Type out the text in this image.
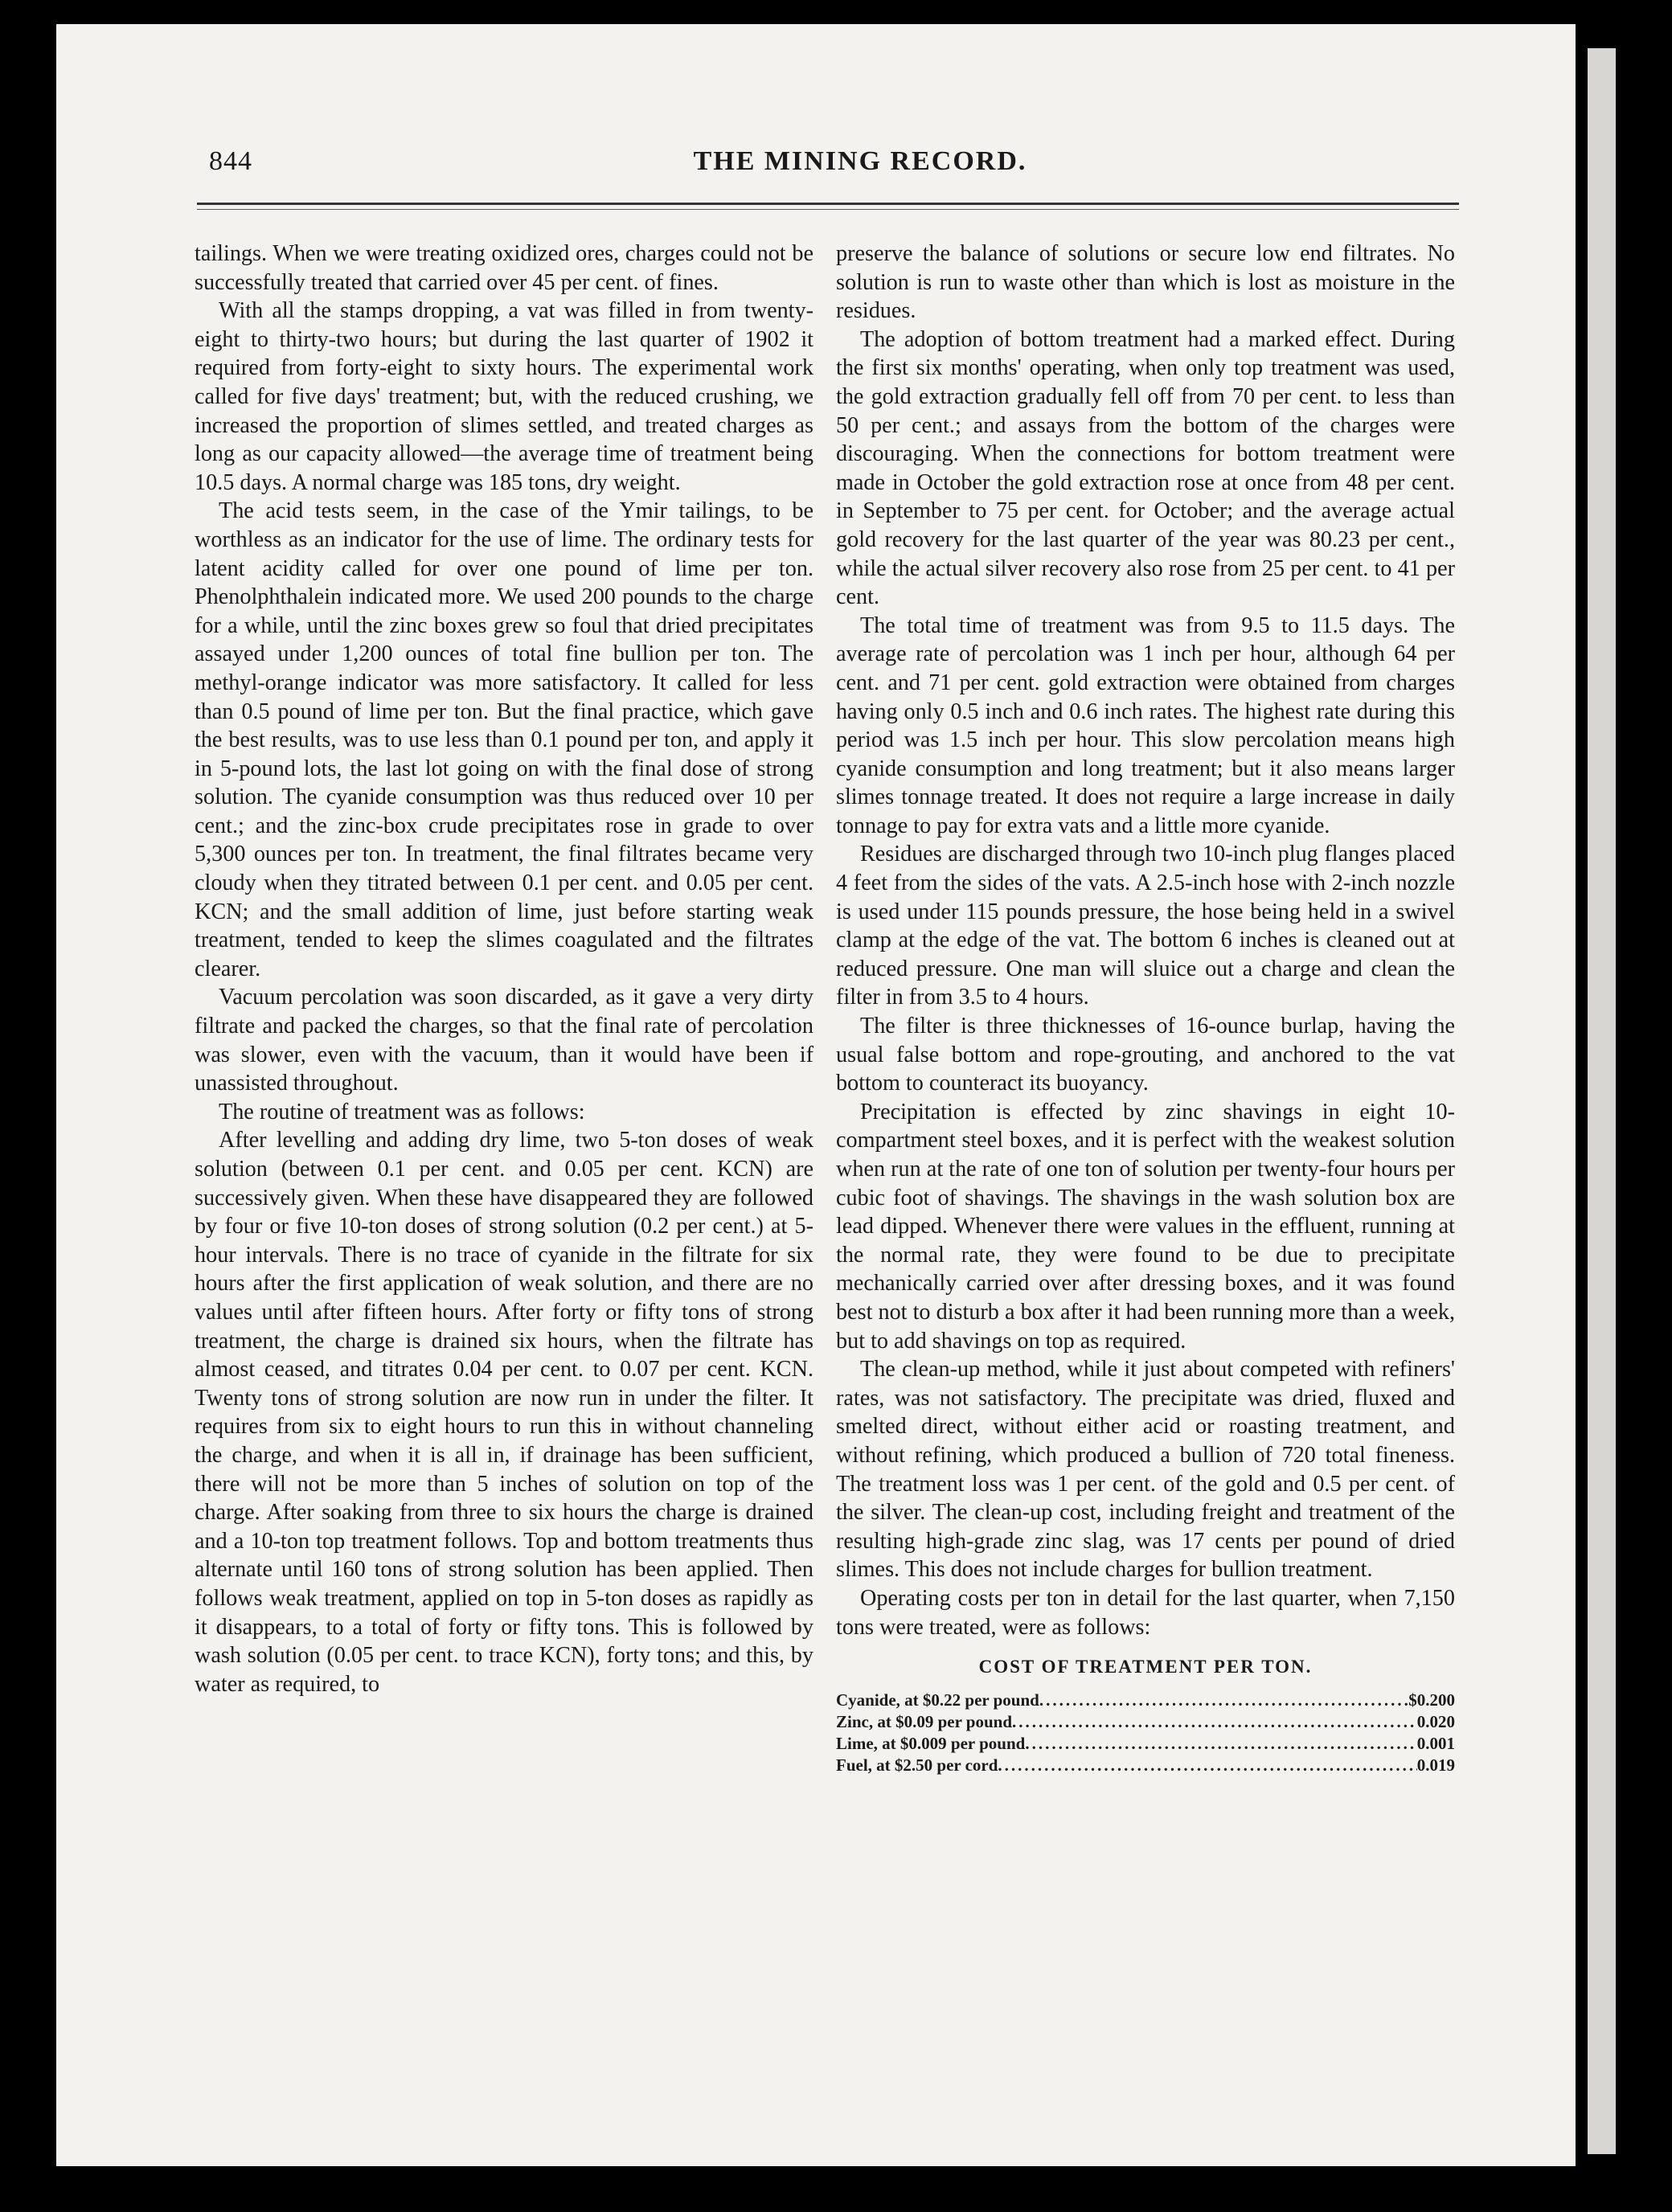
844	THE MINING RECORD.

tailings. When we were treating oxidized ores, charges could not be successfully treated that carried over 45 per cent. of fines.

With all the stamps dropping, a vat was filled in from twenty-eight to thirty-two hours; but during the last quarter of 1902 it required from forty-eight to sixty hours. The experimental work called for five days' treatment; but, with the reduced crushing, we increased the proportion of slimes settled, and treated charges as long as our capacity allowed—the average time of treatment being 10.5 days. A normal charge was 185 tons, dry weight.

The acid tests seem, in the case of the Ymir tailings, to be worthless as an indicator for the use of lime. The ordinary tests for latent acidity called for over one pound of lime per ton. Phenolphthalein indicated more. We used 200 pounds to the charge for a while, until the zinc boxes grew so foul that dried precipitates assayed under 1,200 ounces of total fine bullion per ton. The methyl-orange indicator was more satisfactory. It called for less than 0.5 pound of lime per ton. But the final practice, which gave the best results, was to use less than 0.1 pound per ton, and apply it in 5-pound lots, the last lot going on with the final dose of strong solution. The cyanide consumption was thus reduced over 10 per cent.; and the zinc-box crude precipitates rose in grade to over 5,300 ounces per ton. In treatment, the final filtrates became very cloudy when they titrated between 0.1 per cent. and 0.05 per cent. KCN; and the small addition of lime, just before starting weak treatment, tended to keep the slimes coagulated and the filtrates clearer.

Vacuum percolation was soon discarded, as it gave a very dirty filtrate and packed the charges, so that the final rate of percolation was slower, even with the vacuum, than it would have been if unassisted throughout.

The routine of treatment was as follows:

After levelling and adding dry lime, two 5-ton doses of weak solution (between 0.1 per cent. and 0.05 per cent. KCN) are successively given. When these have disappeared they are followed by four or five 10-ton doses of strong solution (0.2 per cent.) at 5-hour intervals. There is no trace of cyanide in the filtrate for six hours after the first application of weak solution, and there are no values until after fifteen hours. After forty or fifty tons of strong treatment, the charge is drained six hours, when the filtrate has almost ceased, and titrates 0.04 per cent. to 0.07 per cent. KCN. Twenty tons of strong solution are now run in under the filter. It requires from six to eight hours to run this in without channeling the charge, and when it is all in, if drainage has been sufficient, there will not be more than 5 inches of solution on top of the charge. After soaking from three to six hours the charge is drained and a 10-ton top treatment follows. Top and bottom treatments thus alternate until 160 tons of strong solution has been applied. Then follows weak treatment, applied on top in 5-ton doses as rapidly as it disappears, to a total of forty or fifty tons. This is followed by wash solution (0.05 per cent. to trace KCN), forty tons; and this, by water as required, to

preserve the balance of solutions or secure low end filtrates. No solution is run to waste other than which is lost as moisture in the residues.

The adoption of bottom treatment had a marked effect. During the first six months' operating, when only top treatment was used, the gold extraction gradually fell off from 70 per cent. to less than 50 per cent.; and assays from the bottom of the charges were discouraging. When the connections for bottom treatment were made in October the gold extraction rose at once from 48 per cent. in September to 75 per cent. for October; and the average actual gold recovery for the last quarter of the year was 80.23 per cent., while the actual silver recovery also rose from 25 per cent. to 41 per cent.

The total time of treatment was from 9.5 to 11.5 days. The average rate of percolation was 1 inch per hour, although 64 per cent. and 71 per cent. gold extraction were obtained from charges having only 0.5 inch and 0.6 inch rates. The highest rate during this period was 1.5 inch per hour. This slow percolation means high cyanide consumption and long treatment; but it also means larger slimes tonnage treated. It does not require a large increase in daily tonnage to pay for extra vats and a little more cyanide.

Residues are discharged through two 10-inch plug flanges placed 4 feet from the sides of the vats. A 2.5-inch hose with 2-inch nozzle is used under 115 pounds pressure, the hose being held in a swivel clamp at the edge of the vat. The bottom 6 inches is cleaned out at reduced pressure. One man will sluice out a charge and clean the filter in from 3.5 to 4 hours.

The filter is three thicknesses of 16-ounce burlap, having the usual false bottom and rope-grouting, and anchored to the vat bottom to counteract its buoyancy.

Precipitation is effected by zinc shavings in eight 10-compartment steel boxes, and it is perfect with the weakest solution when run at the rate of one ton of solution per twenty-four hours per cubic foot of shavings. The shavings in the wash solution box are lead dipped. Whenever there were values in the effluent, running at the normal rate, they were found to be due to precipitate mechanically carried over after dressing boxes, and it was found best not to disturb a box after it had been running more than a week, but to add shavings on top as required.

The clean-up method, while it just about competed with refiners' rates, was not satisfactory. The precipitate was dried, fluxed and smelted direct, without either acid or roasting treatment, and without refining, which produced a bullion of 720 total fineness. The treatment loss was 1 per cent. of the gold and 0.5 per cent. of the silver. The clean-up cost, including freight and treatment of the resulting high-grade zinc slag, was 17 cents per pound of dried slimes. This does not include charges for bullion treatment.

Operating costs per ton in detail for the last quarter, when 7,150 tons were treated, were as follows:

COST OF TREATMENT PER TON.
Cyanide, at $0.22 per pound .....	$0.200
Zinc, at $0.09 per pound .....	0.020
Lime, at $0.009 per pound .....	0.001
Fuel, at $2.50 per cord .....	0.019
